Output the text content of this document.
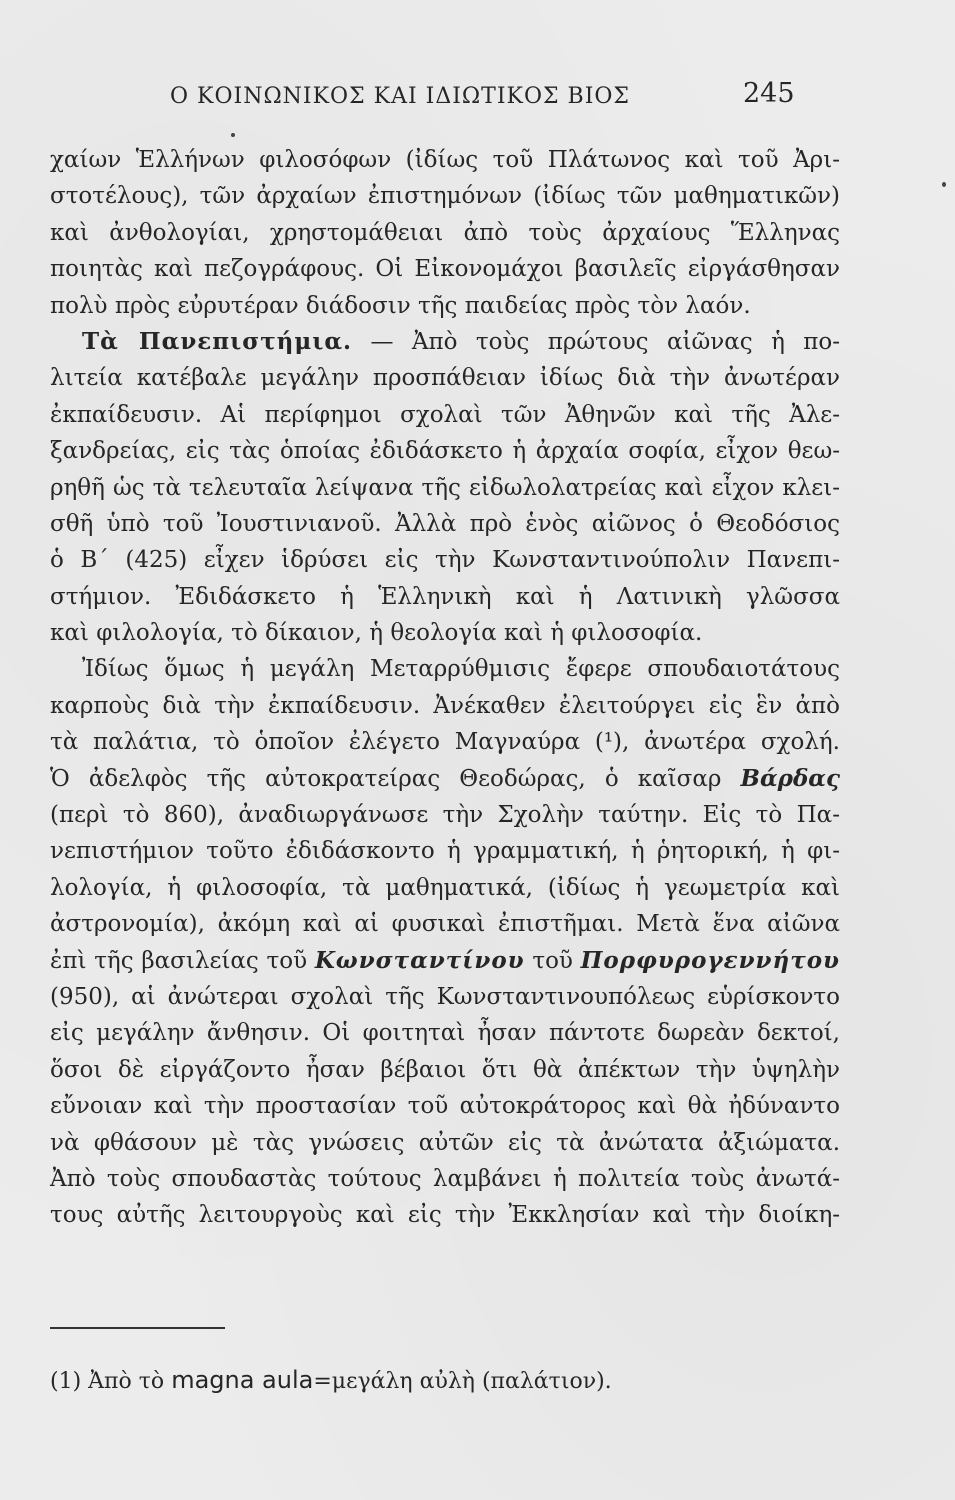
Ο ΚΟΙΝΩΝΙΚΟΣ ΚΑΙ ΙΔΙΩΤΙΚΟΣ ΒΙΟΣ	245
χαίων Ἑλλήνων φιλοσόφων (ἰδίως τοῦ Πλάτωνος καὶ τοῦ Ἀρι-
στοτέλους), τῶν ἀρχαίων ἐπιστημόνων (ἰδίως τῶν μαθηματικῶν)
καὶ ἀνθολογίαι, χρηστομάθειαι ἀπὸ τοὺς ἀρχαίους Ἕλληνας
ποιητὰς καὶ πεζογράφους. Οἱ Εἰκονομάχοι βασιλεῖς εἰργάσθησαν
πολὺ πρὸς εὐρυτέραν διάδοσιν τῆς παιδείας πρὸς τὸν λαόν.
Τὰ Πανεπιστήμια. — Ἀπὸ τοὺς πρώτους αἰῶνας ἡ πο-
λιτεία κατέβαλε μεγάλην προσπάθειαν ἰδίως διὰ τὴν ἀνωτέραν
ἐκπαίδευσιν. Αἱ περίφημοι σχολαὶ τῶν Ἀθηνῶν καὶ τῆς Ἀλε-
ξανδρείας, εἰς τὰς ὁποίας ἐδιδάσκετο ἡ ἀρχαία σοφία, εἶχον θεω-
ρηθῆ ὡς τὰ τελευταῖα λείψανα τῆς εἰδωλολατρείας καὶ εἶχον κλει-
σθῆ ὑπὸ τοῦ Ἰουστινιανοῦ. Ἀλλὰ πρὸ ἑνὸς αἰῶνος ὁ Θεοδόσιος
ὁ Β΄ (425) εἶχεν ἱδρύσει εἰς τὴν Κωνσταντινούπολιν Πανεπι-
στήμιον. Ἐδιδάσκετο ἡ Ἑλληνικὴ καὶ ἡ Λατινικὴ γλῶσσα
καὶ φιλολογία, τὸ δίκαιον, ἡ θεολογία καὶ ἡ φιλοσοφία.
Ἰδίως ὅμως ἡ μεγάλη Μεταρρύθμισις ἔφερε σπουδαιοτάτους
καρποὺς διὰ τὴν ἐκπαίδευσιν. Ἀνέκαθεν ἐλειτούργει εἰς ἓν ἀπὸ
τὰ παλάτια, τὸ ὁποῖον ἐλέγετο Μαγναύρα (¹), ἀνωτέρα σχολή.
Ὁ ἀδελφὸς τῆς αὐτοκρατείρας Θεοδώρας, ὁ καῖσαρ Βάρδας
(περὶ τὸ 860), ἀναδιωργάνωσε τὴν Σχολὴν ταύτην. Εἰς τὸ Πα-
νεπιστήμιον τοῦτο ἐδιδάσκοντο ἡ γραμματική, ἡ ῥητορική, ἡ φι-
λολογία, ἡ φιλοσοφία, τὰ μαθηματικά, (ἰδίως ἡ γεωμετρία καὶ
ἀστρονομία), ἀκόμη καὶ αἱ φυσικαὶ ἐπιστῆμαι. Μετὰ ἕνα αἰῶνα
ἐπὶ τῆς βασιλείας τοῦ Κωνσταντίνου τοῦ Πορφυρογεννήτου
(950), αἱ ἀνώτεραι σχολαὶ τῆς Κωνσταντινουπόλεως εὑρίσκοντο
εἰς μεγάλην ἄνθησιν. Οἱ φοιτηταὶ ἦσαν πάντοτε δωρεὰν δεκτοί,
ὅσοι δὲ εἰργάζοντο ἦσαν βέβαιοι ὅτι θὰ ἀπέκτων τὴν ὑψηλὴν
εὔνοιαν καὶ τὴν προστασίαν τοῦ αὐτοκράτορος καὶ θὰ ἠδύναντο
νὰ φθάσουν μὲ τὰς γνώσεις αὐτῶν εἰς τὰ ἀνώτατα ἀξιώματα.
Ἀπὸ τοὺς σπουδαστὰς τούτους λαμβάνει ἡ πολιτεία τοὺς ἀνωτά-
τους αὐτῆς λειτουργοὺς καὶ εἰς τὴν Ἐκκλησίαν καὶ τὴν διοίκη-
(1) Ἀπὸ τὸ magna aula=μεγάλη αὐλὴ (παλάτιον).
